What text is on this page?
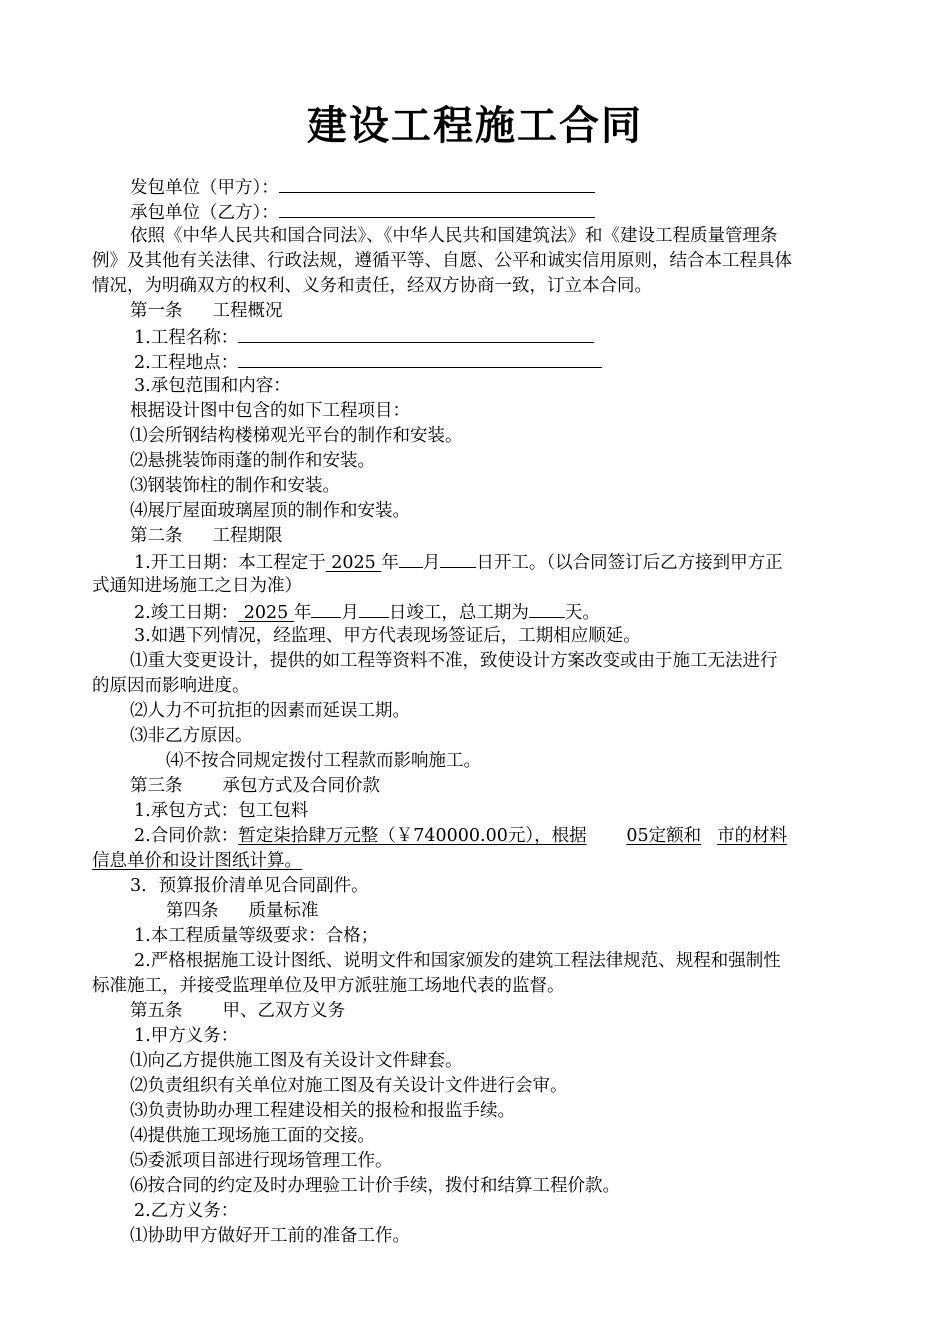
建设工程施工合同
发包单位（甲方）：
承包单位（乙方）：
依照《中华人民共和国合同法》、《中华人民共和国建筑法》和《建设工程质量管理条
例》及其他有关法律、行政法规，遵循平等、自愿、公平和诚实信用原则，结合本工程具体
情况，为明确双方的权利、义务和责任，经双方协商一致，订立本合同。
第一条 工程概况
1.工程名称：
2.工程地点：
3.承包范围和内容：
根据设计图中包含的如下工程项目：
⑴会所钢结构楼梯观光平台的制作和安装。
⑵悬挑装饰雨蓬的制作和安装。
⑶钢装饰柱的制作和安装。
⑷展厅屋面玻璃屋顶的制作和安装。
第二条 工程期限
1.开工日期：本工程定于 2025 年 月 日开工。（以合同签订后乙方接到甲方正
式通知进场施工之日为准）
2.竣工日期： 2025 年 月 日竣工，总工期为 天。
3.如遇下列情况，经监理、甲方代表现场签证后，工期相应顺延。
⑴重大变更设计，提供的如工程等资料不准，致使设计方案改变或由于施工无法进行
的原因而影响进度。
⑵人力不可抗拒的因素而延误工期。
⑶非乙方原因。
⑷不按合同规定拨付工程款而影响施工。
第三条 承包方式及合同价款
1.承包方式：包工包料
2.合同价款：暂定柒拾肆万元整（￥740000.00元），根据 05定额和 市的材料
信息单价和设计图纸计算。
3．预算报价清单见合同副件。
第四条 质量标准
1.本工程质量等级要求：合格；
2.严格根据施工设计图纸、说明文件和国家颁发的建筑工程法律规范、规程和强制性
标准施工，并接受监理单位及甲方派驻施工场地代表的监督。
第五条 甲、乙双方义务
1.甲方义务：
⑴向乙方提供施工图及有关设计文件肆套。
⑵负责组织有关单位对施工图及有关设计文件进行会审。
⑶负责协助办理工程建设相关的报检和报监手续。
⑷提供施工现场施工面的交接。
⑸委派项目部进行现场管理工作。
⑹按合同的约定及时办理验工计价手续，拨付和结算工程价款。
2.乙方义务：
⑴协助甲方做好开工前的准备工作。
